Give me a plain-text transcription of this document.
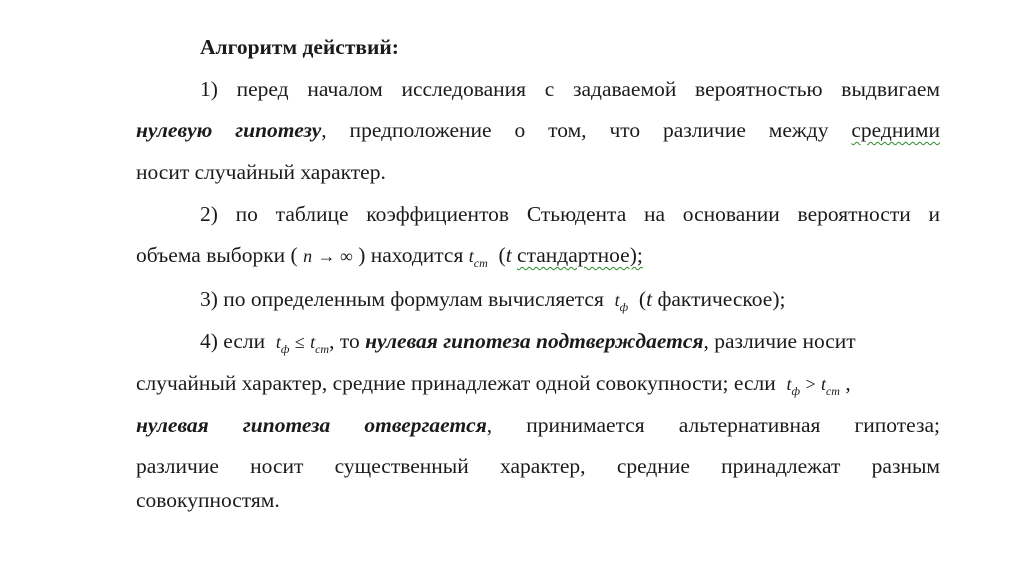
Алгоритм действий:
1) перед началом исследования с задаваемой вероятностью выдвигаем
нулевую гипотезу, предположение о том, что различие между средними
носит случайный характер.
2) по таблице коэффициентов Стьюдента на основании вероятности и
объема выборки ( n → ∞ ) находится $t_{ст}$ (t стандартное);
3) по определенным формулам вычисляется $t_ф$ (t фактическое);
4) если $t_ф \le t_{ст}$, то нулевая гипотеза подтверждается, различие носит
случайный характер, средние принадлежат одной совокупности; если $t_ф > t_{ст}$ ,
нулевая гипотеза отвергается, принимается альтернативная гипотеза;
различие носит существенный характер, средние принадлежат разным
совокупностям.
